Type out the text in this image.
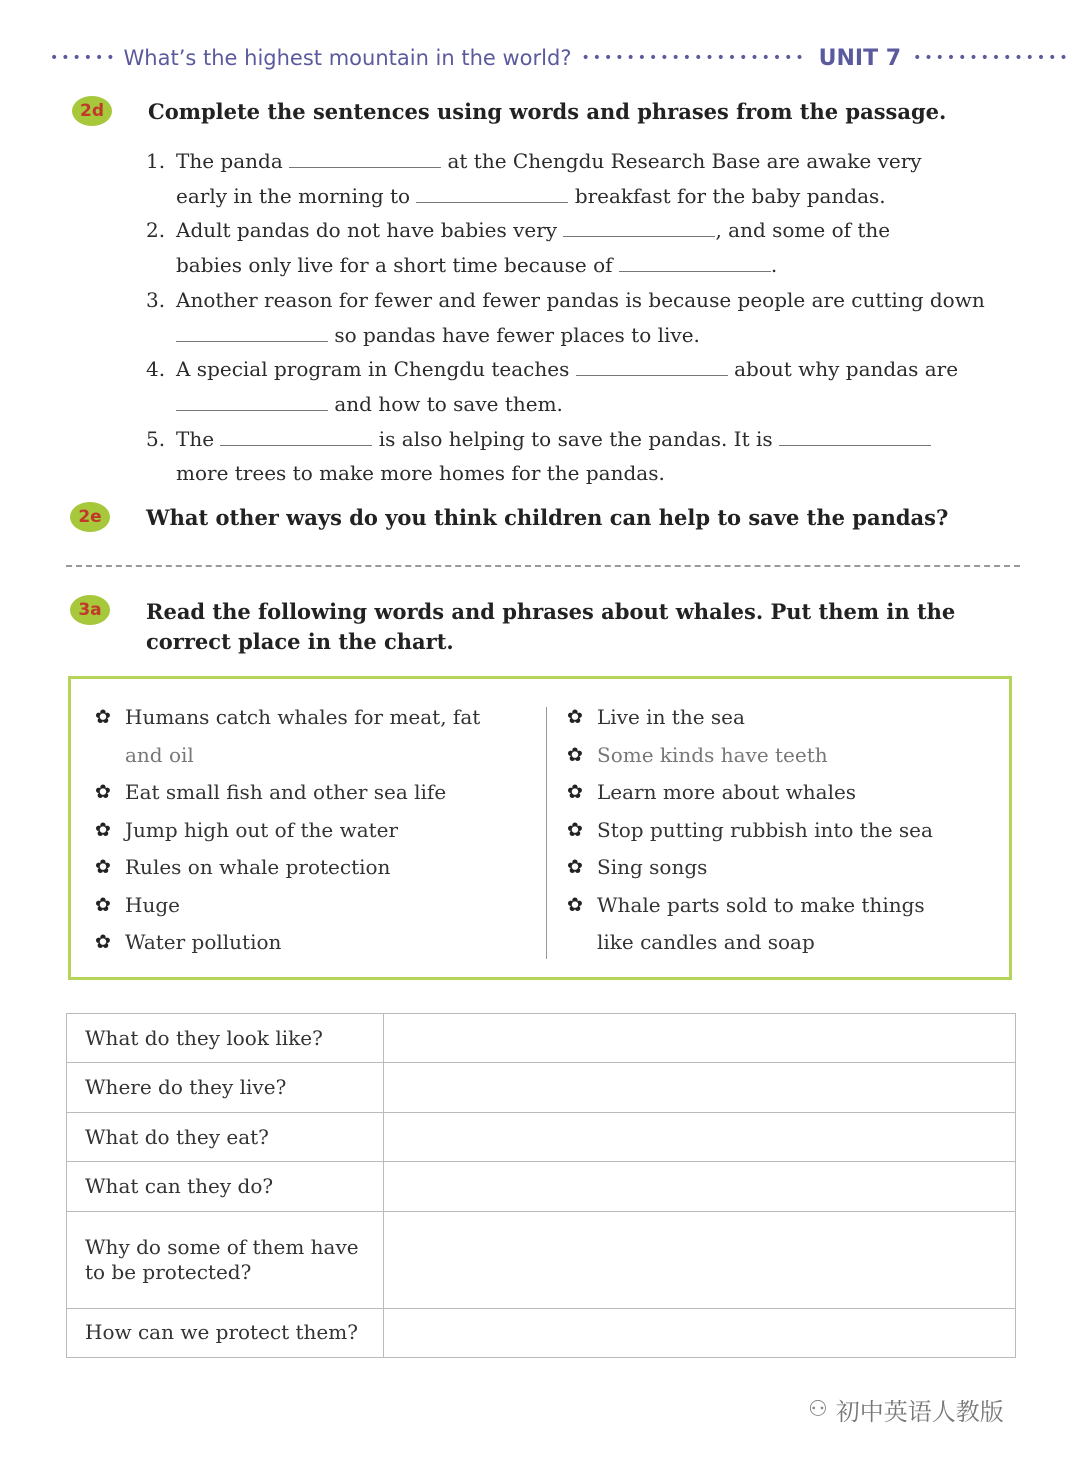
•••••• What’s the highest mountain in the world? •••••••••••••••••••• UNIT 7 ••••••••••••••
2d	Complete the sentences using words and phrases from the passage.
1. The panda	at the Chengdu Research Base are awake very
early in the morning to	breakfast for the baby pandas.
2. Adult pandas do not have babies very	, and some of the
babies only live for a short time because of	.
3. Another reason for fewer and fewer pandas is because people are cutting down
so pandas have fewer places to live.
4. A special program in Chengdu teaches	about why pandas are
and how to save them.
5. The	is also helping to save the pandas. It is
more trees to make more homes for the pandas.
2e	What other ways do you think children can help to save the pandas?
3a	Read the following words and phrases about whales. Put them in the
correct place in the chart.
✿ Humans catch whales for meat, fat
and oil
✿ Eat small fish and other sea life
✿ Jump high out of the water
✿ Rules on whale protection
✿ Huge
✿ Water pollution
✿ Live in the sea
✿ Some kinds have teeth
✿ Learn more about whales
✿ Stop putting rubbish into the sea
✿ Sing songs
✿ Whale parts sold to make things
like candles and soap
What do they look like?	
Where do they live?	
What do they eat?	
What can they do?	
Why do some of them have to be protected?	
How can we protect them?	
⚇ 初中英语人教版
